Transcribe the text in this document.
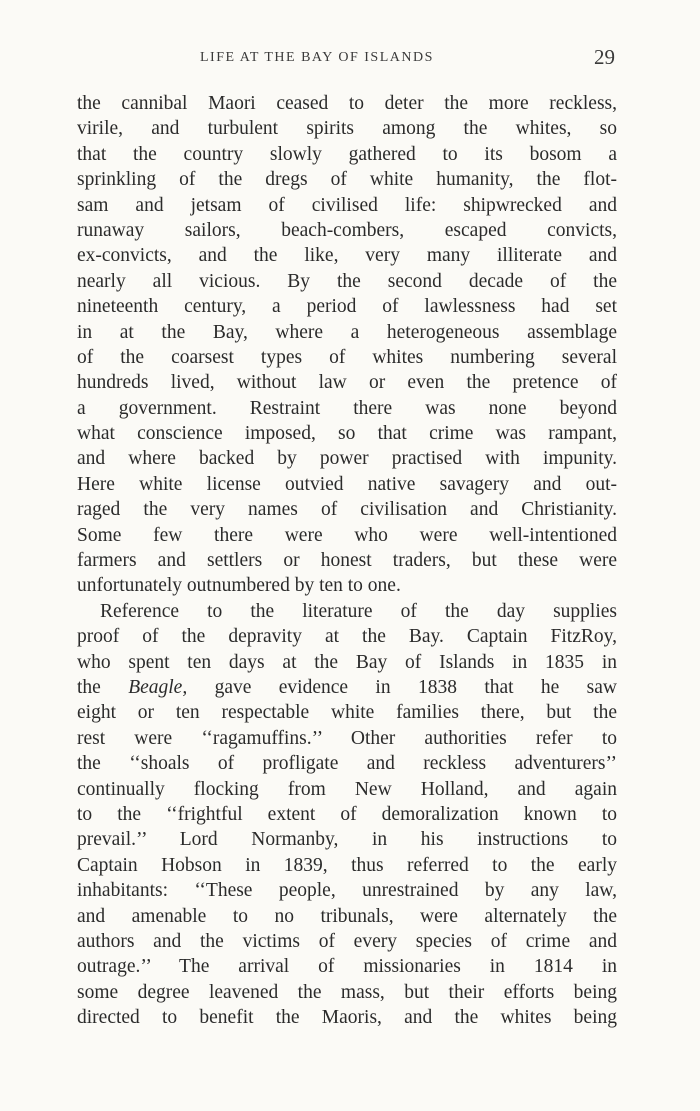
LIFE AT THE BAY OF ISLANDS	29
the cannibal Maori ceased to deter the more reckless,
virile, and turbulent spirits among the whites, so
that the country slowly gathered to its bosom a
sprinkling of the dregs of white humanity, the flot-
sam and jetsam of civilised life: shipwrecked and
runaway sailors, beach-combers, escaped convicts,
ex-convicts, and the like, very many illiterate and
nearly all vicious. By the second decade of the
nineteenth century, a period of lawlessness had set
in at the Bay, where a heterogeneous assemblage
of the coarsest types of whites numbering several
hundreds lived, without law or even the pretence of
a government. Restraint there was none beyond
what conscience imposed, so that crime was rampant,
and where backed by power practised with impunity.
Here white license outvied native savagery and out-
raged the very names of civilisation and Christianity.
Some few there were who were well-intentioned
farmers and settlers or honest traders, but these were
unfortunately outnumbered by ten to one.
Reference to the literature of the day supplies
proof of the depravity at the Bay. Captain FitzRoy,
who spent ten days at the Bay of Islands in 1835 in
the Beagle, gave evidence in 1838 that he saw
eight or ten respectable white families there, but the
rest were ‘‘ragamuffins.’’ Other authorities refer to
the ‘‘shoals of profligate and reckless adventurers’’
continually flocking from New Holland, and again
to the ‘‘frightful extent of demoralization known to
prevail.’’ Lord Normanby, in his instructions to
Captain Hobson in 1839, thus referred to the early
inhabitants: ‘‘These people, unrestrained by any law,
and amenable to no tribunals, were alternately the
authors and the victims of every species of crime and
outrage.’’ The arrival of missionaries in 1814 in
some degree leavened the mass, but their efforts being
directed to benefit the Maoris, and the whites being
